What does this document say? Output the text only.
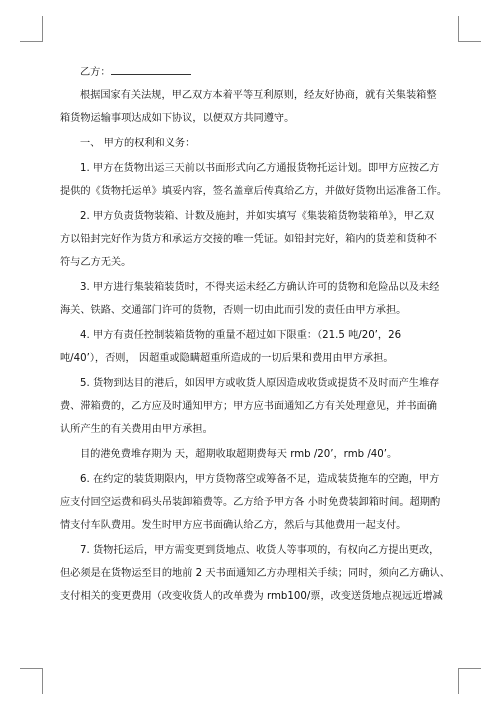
乙方：

根据国家有关法规，甲乙双方本着平等互利原则，经友好协商，就有关集装箱整

箱货物运输事项达成如下协议，以便双方共同遵守。

一、 甲方的权利和义务：

1. 甲方在货物出运三天前以书面形式向乙方通报货物托运计划。即甲方应按乙方

提供的《货物托运单》填妥内容，签名盖章后传真给乙方，并做好货物出运准备工作。

2. 甲方负责货物装箱、计数及施封，并如实填写《集装箱货物装箱单》，甲乙双

方以铅封完好作为货方和承运方交接的唯一凭证。如铅封完好，箱内的货差和货种不

符与乙方无关。

3. 甲方进行集装箱装货时，不得夹运未经乙方确认许可的货物和危险品以及未经

海关、铁路、交通部门许可的货物，否则一切由此而引发的责任由甲方承担。

4. 甲方有责任控制装箱货物的重量不超过如下限重：（21.5 吨/20’，26

吨/40’），否则， 因超重或隐瞒超重所造成的一切后果和费用由甲方承担。

5. 货物到达目的港后，如因甲方或收货人原因造成收货或提货不及时而产生堆存

费、滞箱费的，乙方应及时通知甲方；甲方应书面通知乙方有关处理意见，并书面确

认所产生的有关费用由甲方承担。

目的港免费堆存期为 天，超期收取超期费每天 rmb /20’，rmb /40’。

6. 在约定的装货期限内，甲方货物落空或筹备不足，造成装货拖车的空跑，甲方

应支付回空运费和码头吊装卸箱费等。乙方给予甲方各 小时免费装卸箱时间。超期酌

情支付车队费用。发生时甲方应书面确认给乙方，然后与其他费用一起支付。

7. 货物托运后，甲方需变更到货地点、收货人等事项的，有权向乙方提出更改，

但必须是在货物运至目的地前 2 天书面通知乙方办理相关手续；同时，须向乙方确认、

支付相关的变更费用（改变收货人的改单费为 rmb100/票，改变送货地点视远近增减
